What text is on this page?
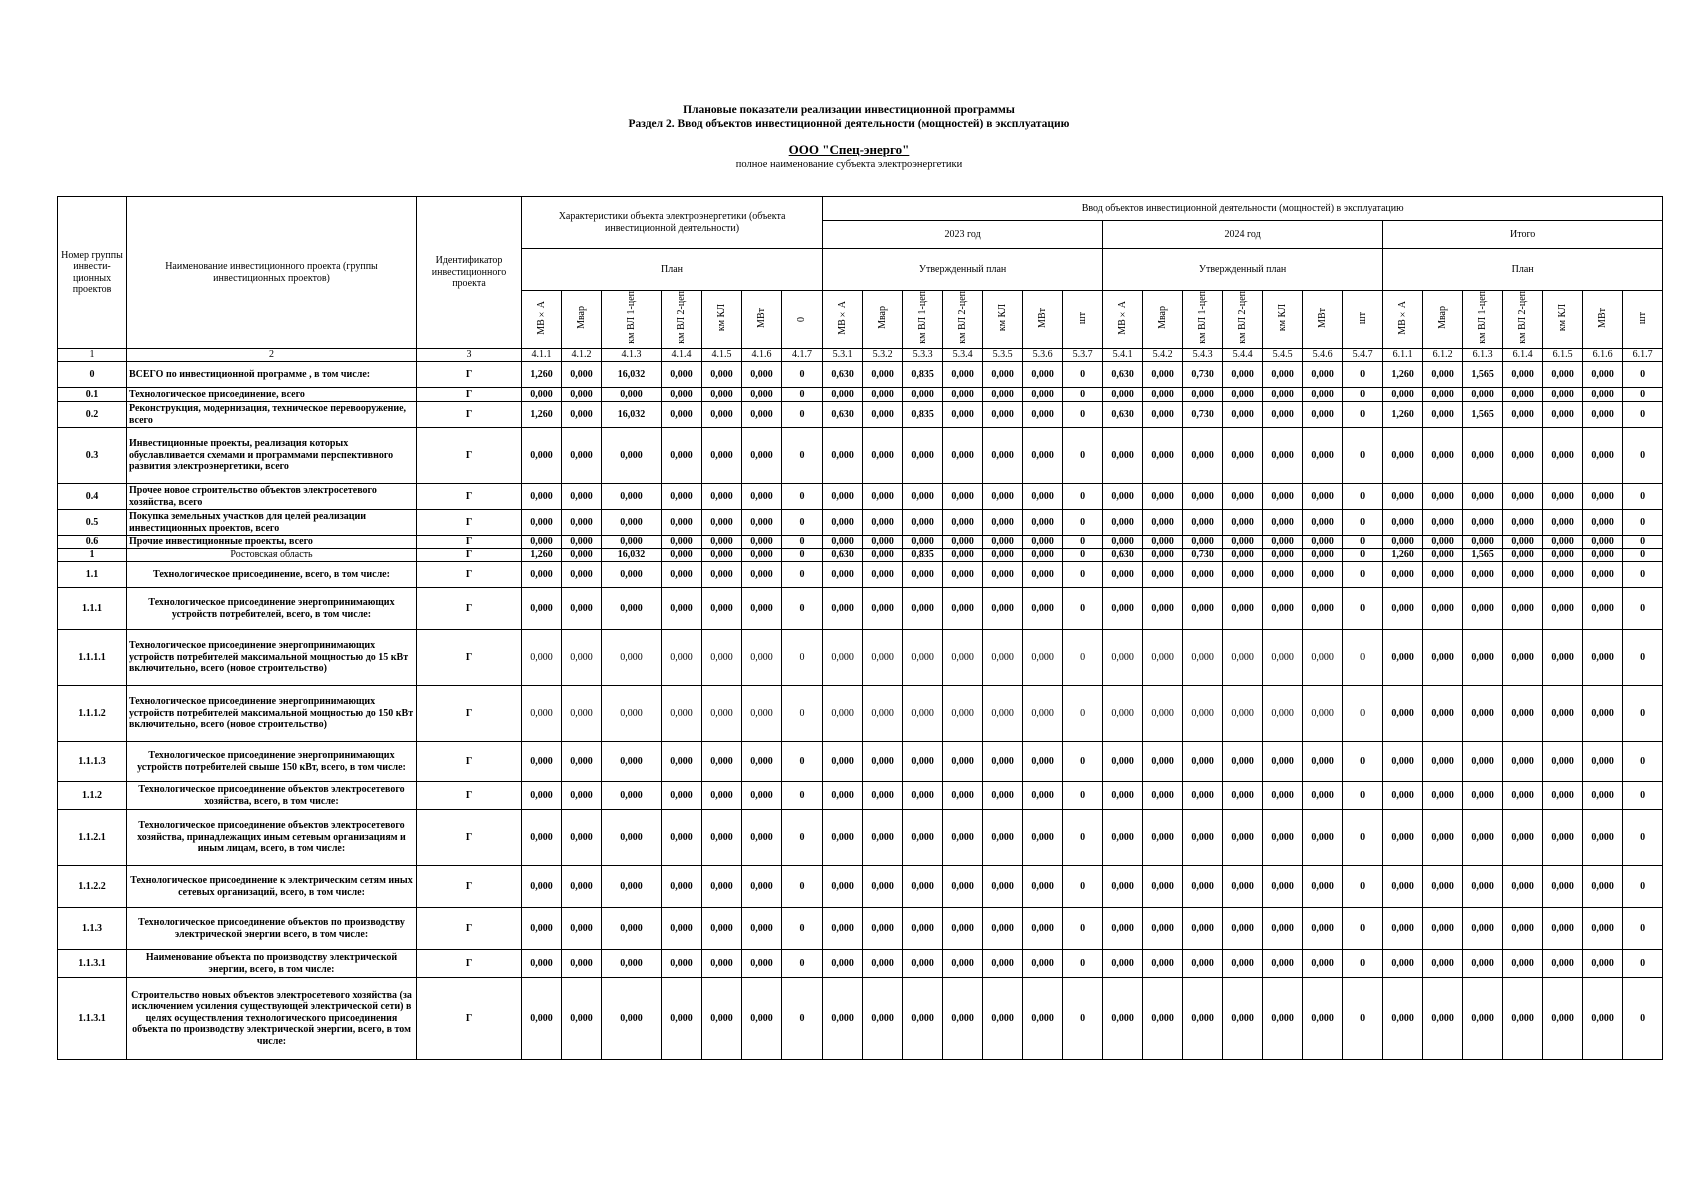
Плановые показатели реализации инвестиционной программы
Раздел 2. Ввод объектов инвестиционной деятельности (мощностей) в эксплуатацию
ООО "Спец-энерго"
полное наименование субъекта электроэнергетики
Номер группы инвести-ционных проектов	Наименование инвестиционного проекта (группы инвестиционных проектов)	Идентификатор инвестиционного проекта	Характеристики объекта электроэнергетики (объекта инвестиционной деятельности)							Ввод объектов инвестиционной деятельности (мощностей) в эксплуатацию																				
										2023 год							2024 год							Итого						
			План							Утвержденный план							Утвержденный план							План						
			МВ×А	Мвар	км ВЛ 1-цеп	км ВЛ 2-цеп	км КЛ	МВт	0	МВ×А	Мвар	км ВЛ 1-цеп	км ВЛ 2-цеп	км КЛ	МВт	шт	МВ×А	Мвар	км ВЛ 1-цеп	км ВЛ 2-цеп	км КЛ	МВт	шт	МВ×А	Мвар	км ВЛ 1-цеп	км ВЛ 2-цеп	км КЛ	МВт	шт
1	2	3	4.1.1	4.1.2	4.1.3	4.1.4	4.1.5	4.1.6	4.1.7	5.3.1	5.3.2	5.3.3	5.3.4	5.3.5	5.3.6	5.3.7	5.4.1	5.4.2	5.4.3	5.4.4	5.4.5	5.4.6	5.4.7	6.1.1	6.1.2	6.1.3	6.1.4	6.1.5	6.1.6	6.1.7
0	ВСЕГО по инвестиционной программе , в том числе:	Г	1,260	0,000	16,032	0,000	0,000	0,000	0	0,630	0,000	0,835	0,000	0,000	0,000	0	0,630	0,000	0,730	0,000	0,000	0,000	0	1,260	0,000	1,565	0,000	0,000	0,000	0
0.1	Технологическое присоединение, всего	Г	0,000	0,000	0,000	0,000	0,000	0,000	0	0,000	0,000	0,000	0,000	0,000	0,000	0	0,000	0,000	0,000	0,000	0,000	0,000	0	0,000	0,000	0,000	0,000	0,000	0,000	0
0.2	Реконструкция, модернизация, техническое перевооружение, всего	Г	1,260	0,000	16,032	0,000	0,000	0,000	0	0,630	0,000	0,835	0,000	0,000	0,000	0	0,630	0,000	0,730	0,000	0,000	0,000	0	1,260	0,000	1,565	0,000	0,000	0,000	0
0.3	Инвестиционные проекты, реализация которых обуславливается схемами и программами перспективного развития электроэнергетики, всего	Г	0,000	0,000	0,000	0,000	0,000	0,000	0	0,000	0,000	0,000	0,000	0,000	0,000	0	0,000	0,000	0,000	0,000	0,000	0,000	0	0,000	0,000	0,000	0,000	0,000	0,000	0
0.4	Прочее новое строительство объектов электросетевого хозяйства, всего	Г	0,000	0,000	0,000	0,000	0,000	0,000	0	0,000	0,000	0,000	0,000	0,000	0,000	0	0,000	0,000	0,000	0,000	0,000	0,000	0	0,000	0,000	0,000	0,000	0,000	0,000	0
0.5	Покупка земельных участков для целей реализации инвестиционных проектов, всего	Г	0,000	0,000	0,000	0,000	0,000	0,000	0	0,000	0,000	0,000	0,000	0,000	0,000	0	0,000	0,000	0,000	0,000	0,000	0,000	0	0,000	0,000	0,000	0,000	0,000	0,000	0
0.6	Прочие инвестиционные проекты, всего	Г	0,000	0,000	0,000	0,000	0,000	0,000	0	0,000	0,000	0,000	0,000	0,000	0,000	0	0,000	0,000	0,000	0,000	0,000	0,000	0	0,000	0,000	0,000	0,000	0,000	0,000	0
1	Ростовская область	Г	1,260	0,000	16,032	0,000	0,000	0,000	0	0,630	0,000	0,835	0,000	0,000	0,000	0	0,630	0,000	0,730	0,000	0,000	0,000	0	1,260	0,000	1,565	0,000	0,000	0,000	0
1.1	Технологическое присоединение, всего, в том числе:	Г	0,000	0,000	0,000	0,000	0,000	0,000	0	0,000	0,000	0,000	0,000	0,000	0,000	0	0,000	0,000	0,000	0,000	0,000	0,000	0	0,000	0,000	0,000	0,000	0,000	0,000	0
1.1.1	Технологическое присоединение энергопринимающих устройств потребителей, всего, в том числе:	Г	0,000	0,000	0,000	0,000	0,000	0,000	0	0,000	0,000	0,000	0,000	0,000	0,000	0	0,000	0,000	0,000	0,000	0,000	0,000	0	0,000	0,000	0,000	0,000	0,000	0,000	0
1.1.1.1	Технологическое присоединение энергопринимающих устройств потребителей максимальной мощностью до 15 кВт включительно, всего (новое строительство)	Г	0,000	0,000	0,000	0,000	0,000	0,000	0	0,000	0,000	0,000	0,000	0,000	0,000	0	0,000	0,000	0,000	0,000	0,000	0,000	0	0,000	0,000	0,000	0,000	0,000	0,000	0
1.1.1.2	Технологическое присоединение энергопринимающих устройств потребителей максимальной мощностью до 150 кВт включительно, всего (новое строительство)	Г	0,000	0,000	0,000	0,000	0,000	0,000	0	0,000	0,000	0,000	0,000	0,000	0,000	0	0,000	0,000	0,000	0,000	0,000	0,000	0	0,000	0,000	0,000	0,000	0,000	0,000	0
1.1.1.3	Технологическое присоединение энергопринимающих устройств потребителей свыше 150 кВт, всего, в том числе:	Г	0,000	0,000	0,000	0,000	0,000	0,000	0	0,000	0,000	0,000	0,000	0,000	0,000	0	0,000	0,000	0,000	0,000	0,000	0,000	0	0,000	0,000	0,000	0,000	0,000	0,000	0
1.1.2	Технологическое присоединение объектов электросетевого хозяйства, всего, в том числе:	Г	0,000	0,000	0,000	0,000	0,000	0,000	0	0,000	0,000	0,000	0,000	0,000	0,000	0	0,000	0,000	0,000	0,000	0,000	0,000	0	0,000	0,000	0,000	0,000	0,000	0,000	0
1.1.2.1	Технологическое присоединение объектов электросетевого хозяйства, принадлежащих иным сетевым организациям и иным лицам, всего, в том числе:	Г	0,000	0,000	0,000	0,000	0,000	0,000	0	0,000	0,000	0,000	0,000	0,000	0,000	0	0,000	0,000	0,000	0,000	0,000	0,000	0	0,000	0,000	0,000	0,000	0,000	0,000	0
1.1.2.2	Технологическое присоединение к электрическим сетям иных сетевых организаций, всего, в том числе:	Г	0,000	0,000	0,000	0,000	0,000	0,000	0	0,000	0,000	0,000	0,000	0,000	0,000	0	0,000	0,000	0,000	0,000	0,000	0,000	0	0,000	0,000	0,000	0,000	0,000	0,000	0
1.1.3	Технологическое присоединение объектов по производству электрической энергии всего, в том числе:	Г	0,000	0,000	0,000	0,000	0,000	0,000	0	0,000	0,000	0,000	0,000	0,000	0,000	0	0,000	0,000	0,000	0,000	0,000	0,000	0	0,000	0,000	0,000	0,000	0,000	0,000	0
1.1.3.1	Наименование объекта по производству электрической энергии, всего, в том числе:	Г	0,000	0,000	0,000	0,000	0,000	0,000	0	0,000	0,000	0,000	0,000	0,000	0,000	0	0,000	0,000	0,000	0,000	0,000	0,000	0	0,000	0,000	0,000	0,000	0,000	0,000	0
1.1.3.1	Строительство новых объектов электросетевого хозяйства (за исключением усиления существующей электрической сети) в целях осуществления технологического присоединения объекта по производству электрической энергии, всего, в том числе:	Г	0,000	0,000	0,000	0,000	0,000	0,000	0	0,000	0,000	0,000	0,000	0,000	0,000	0	0,000	0,000	0,000	0,000	0,000	0,000	0	0,000	0,000	0,000	0,000	0,000	0,000	0
